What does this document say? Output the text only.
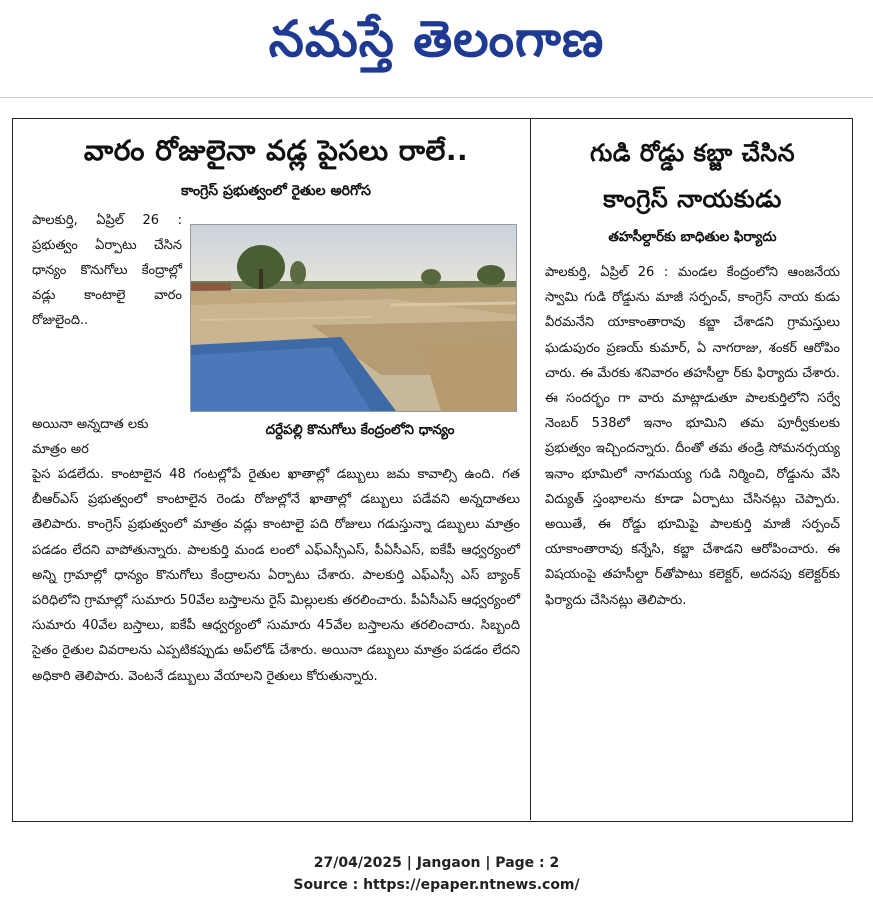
నమస్తే తెలంగాణ
వారం రోజులైనా వడ్ల పైసలు రాలే..
కాంగ్రెస్ ప్రభుత్వంలో రైతుల అరిగోస
పాలకుర్తి, ఏప్రిల్ 26 : ప్రభుత్వం ఏర్పాటు చేసిన ధాన్యం కొనుగోలు కేంద్రాల్లో వడ్లు కాంటాలై వారం రోజులైంది..
దర్దేపల్లి కొనుగోలు కేంద్రంలోని ధాన్యం
అయినా అన్నదాత లకు మాత్రం అర
పైస పడలేదు. కాంటాలైన 48 గంటల్లోపే రైతుల ఖాతాల్లో డబ్బులు జమ కావాల్సి ఉంది. గత బీఆర్ఎస్ ప్రభుత్వంలో కాంటాలైన రెండు రోజుల్లోనే ఖాతాల్లో డబ్బులు పడేవని అన్నదాతలు తెలిపారు. కాంగ్రెస్ ప్రభుత్వంలో మాత్రం వడ్లు కాంటాలై పది రోజులు గడుస్తున్నా డబ్బులు మాత్రం పడడం లేదని వాపోతున్నారు. పాలకుర్తి మండ లంలో ఎఫ్ఎస్సీఎస్, పీఏసీఎస్, ఐకేపీ ఆధ్వర్యంలో అన్ని గ్రామాల్లో ధాన్యం కొనుగోలు కేంద్రాలను ఏర్పాటు చేశారు. పాలకుర్తి ఎఫ్ఎస్సీ ఎస్ బ్యాంక్ పరిధిలోని గ్రామాల్లో సుమారు 50వేల బస్తాలను రైస్ మిల్లులకు తరలించారు. పీఏసీఎస్ ఆధ్వర్యంలో సుమారు 40వేల బస్తాలు, ఐకేపీ ఆధ్వర్యంలో సుమారు 45వేల బస్తాలను తరలించారు. సిబ్బంది సైతం రైతుల వివరాలను ఎప్పటికప్పుడు అప్‌లోడ్ చేశారు. అయినా డబ్బులు మాత్రం పడడం లేదని అధికారి తెలిపారు. వెంటనే డబ్బులు వేయాలని రైతులు కోరుతున్నారు.
గుడి రోడ్డు కబ్జా చేసిన
కాంగ్రెస్ నాయకుడు
తహసీల్దార్‌కు బాధితుల ఫిర్యాదు
పాలకుర్తి, ఏప్రిల్ 26 : మండల కేంద్రంలోని ఆంజనేయ స్వామి గుడి రోడ్డును మాజీ సర్పంచ్, కాంగ్రెస్ నాయ కుడు వీరమనేని యాకాంతారావు కబ్జా చేశాడని గ్రామస్తులు ఘడుపురం ప్రణయ్ కుమార్, ఏ నాగరాజు, శంకర్ ఆరోపిం చారు. ఈ మేరకు శనివారం తహసీల్దా ర్‌కు ఫిర్యాదు చేశారు. ఈ సందర్భం గా వారు మాట్లాడుతూ పాలకుర్తిలోని సర్వే నెంబర్ 538లో ఇనాం భూమిని తమ పూర్వీకులకు ప్రభుత్వం ఇచ్చిందన్నారు. దీంతో తమ తండ్రి సోమనర్సయ్య ఇనాం భూమిలో నాగమయ్య గుడి నిర్మించి, రోడ్డును వేసి విద్యుత్ స్తంభాలను కూడా ఏర్పాటు చేసినట్లు చెప్పారు. అయితే, ఈ రోడ్డు భూమిపై పాలకుర్తి మాజీ సర్పంచ్ యాకాంతారావు కన్నేసి, కబ్జా చేశాడని ఆరోపించారు. ఈ విషయంపై తహసీల్దా ర్‌తోపాటు కలెక్టర్, అదనపు కలెక్టర్‌కు ఫిర్యాదు చేసినట్లు తెలిపారు.
27/04/2025 | Jangaon | Page : 2
Source : https://epaper.ntnews.com/
